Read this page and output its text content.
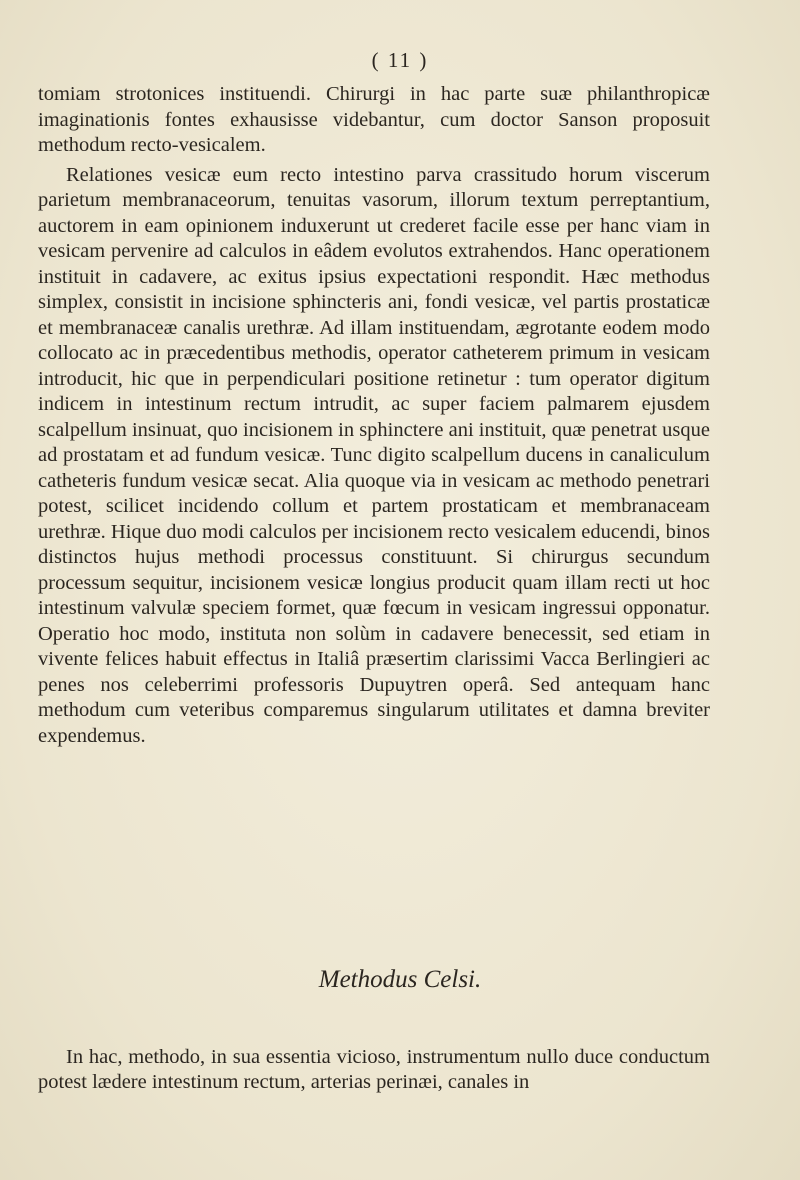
( 11 )

tomiam strotonices instituendi. Chirurgi in hac parte suæ philanthropicæ imaginationis fontes exhausisse videbantur, cum doctor Sanson proposuit methodum recto-vesicalem.

Relationes vesicæ eum recto intestino parva crassitudo horum viscerum parietum membranaceorum, tenuitas vasorum, illorum textum perreptantium, auctorem in eam opinionem induxerunt ut crederet facile esse per hanc viam in vesicam pervenire ad calculos in eâdem evolutos extrahendos. Hanc operationem instituit in cadavere, ac exitus ipsius expectationi respondit. Hæc methodus simplex, consistit in incisione sphincteris ani, fondi vesicæ, vel partis prostaticæ et membranaceæ canalis urethræ. Ad illam instituendam, ægrotante eodem modo collocato ac in præcedentibus methodis, operator catheterem primum in vesicam introducit, hic que in perpendiculari positione retinetur : tum operator digitum indicem in intestinum rectum intrudit, ac super faciem palmarem ejusdem scalpellum insinuat, quo incisionem in sphinctere ani instituit, quæ penetrat usque ad prostatam et ad fundum vesicæ. Tunc digito scalpellum ducens in canaliculum catheteris fundum vesicæ secat. Alia quoque via in vesicam ac methodo penetrari potest, scilicet incidendo collum et partem prostaticam et membranaceam urethræ. Hique duo modi calculos per incisionem recto vesicalem educendi, binos distinctos hujus methodi processus constituunt. Si chirurgus secundum processum sequitur, incisionem vesicæ longius producit quam illam recti ut hoc intestinum valvulæ speciem formet, quæ fœcum in vesicam ingressui opponatur. Operatio hoc modo, instituta non solùm in cadavere benecessit, sed etiam in vivente felices habuit effectus in Italiâ præsertim clarissimi Vacca Berlingieri ac penes nos celeberrimi professoris Dupuytren operâ. Sed antequam hanc methodum cum veteribus comparemus singularum utilitates et damna breviter expendemus.

Methodus Celsi.

In hac, methodo, in sua essentia vicioso, instrumentum nullo duce conductum potest lædere intestinum rectum, arterias perinæi, canales in
